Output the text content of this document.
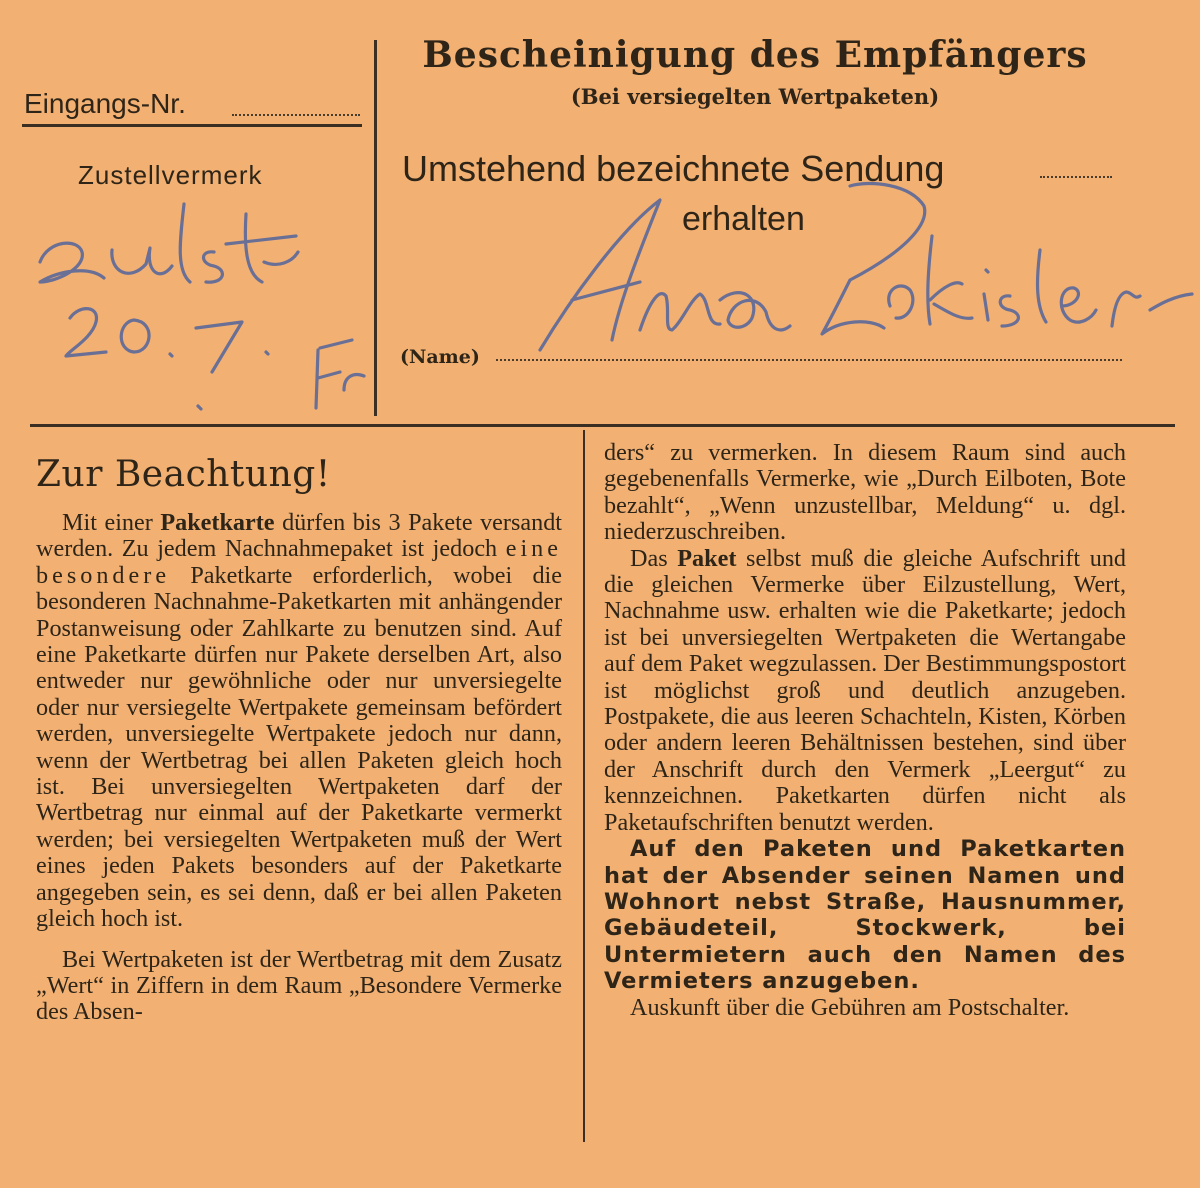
Bescheinigung des Empfängers
(Bei versiegelten Wertpaketen)
Eingangs-Nr.
Zustellvermerk	Umstehend bezeichnete Sendung
erhalten
(Name)
Zur Beachtung!

Mit einer Paketkarte dürfen bis 3 Pakete versandt werden. Zu jedem Nachnahmepaket ist jedoch eine besondere Paketkarte erforderlich, wobei die besonderen Nachnahme-Paketkarten mit anhängender Postanweisung oder Zahlkarte zu benutzen sind. Auf eine Paketkarte dürfen nur Pakete derselben Art, also entweder nur gewöhnliche oder nur unversiegelte oder nur versiegelte Wertpakete gemeinsam befördert werden, unversiegelte Wertpakete jedoch nur dann, wenn der Wertbetrag bei allen Paketen gleich hoch ist. Bei unversiegelten Wertpaketen darf der Wertbetrag nur einmal auf der Paketkarte vermerkt werden; bei versiegelten Wertpaketen muß der Wert eines jeden Pakets besonders auf der Paketkarte angegeben sein, es sei denn, daß er bei allen Paketen gleich hoch ist.

Bei Wertpaketen ist der Wertbetrag mit dem Zusatz „Wert“ in Ziffern in dem Raum „Besondere Vermerke des Absen-

ders“ zu vermerken. In diesem Raum sind auch gegebenenfalls Vermerke, wie „Durch Eilboten, Bote bezahlt“, „Wenn unzustellbar, Meldung“ u. dgl. niederzuschreiben.

Das Paket selbst muß die gleiche Aufschrift und die gleichen Vermerke über Eilzustellung, Wert, Nachnahme usw. erhalten wie die Paketkarte; jedoch ist bei unversiegelten Wertpaketen die Wertangabe auf dem Paket wegzulassen. Der Bestimmungspostort ist möglichst groß und deutlich anzugeben. Postpakete, die aus leeren Schachteln, Kisten, Körben oder andern leeren Behältnissen bestehen, sind über der Anschrift durch den Vermerk „Leergut“ zu kennzeichnen. Paketkarten dürfen nicht als Paketaufschriften benutzt werden.

Auf den Paketen und Paketkarten hat der Absender seinen Namen und Wohnort nebst Straße, Hausnummer, Gebäudeteil, Stockwerk, bei Untermietern auch den Namen des Vermieters anzugeben.

Auskunft über die Gebühren am Postschalter.
